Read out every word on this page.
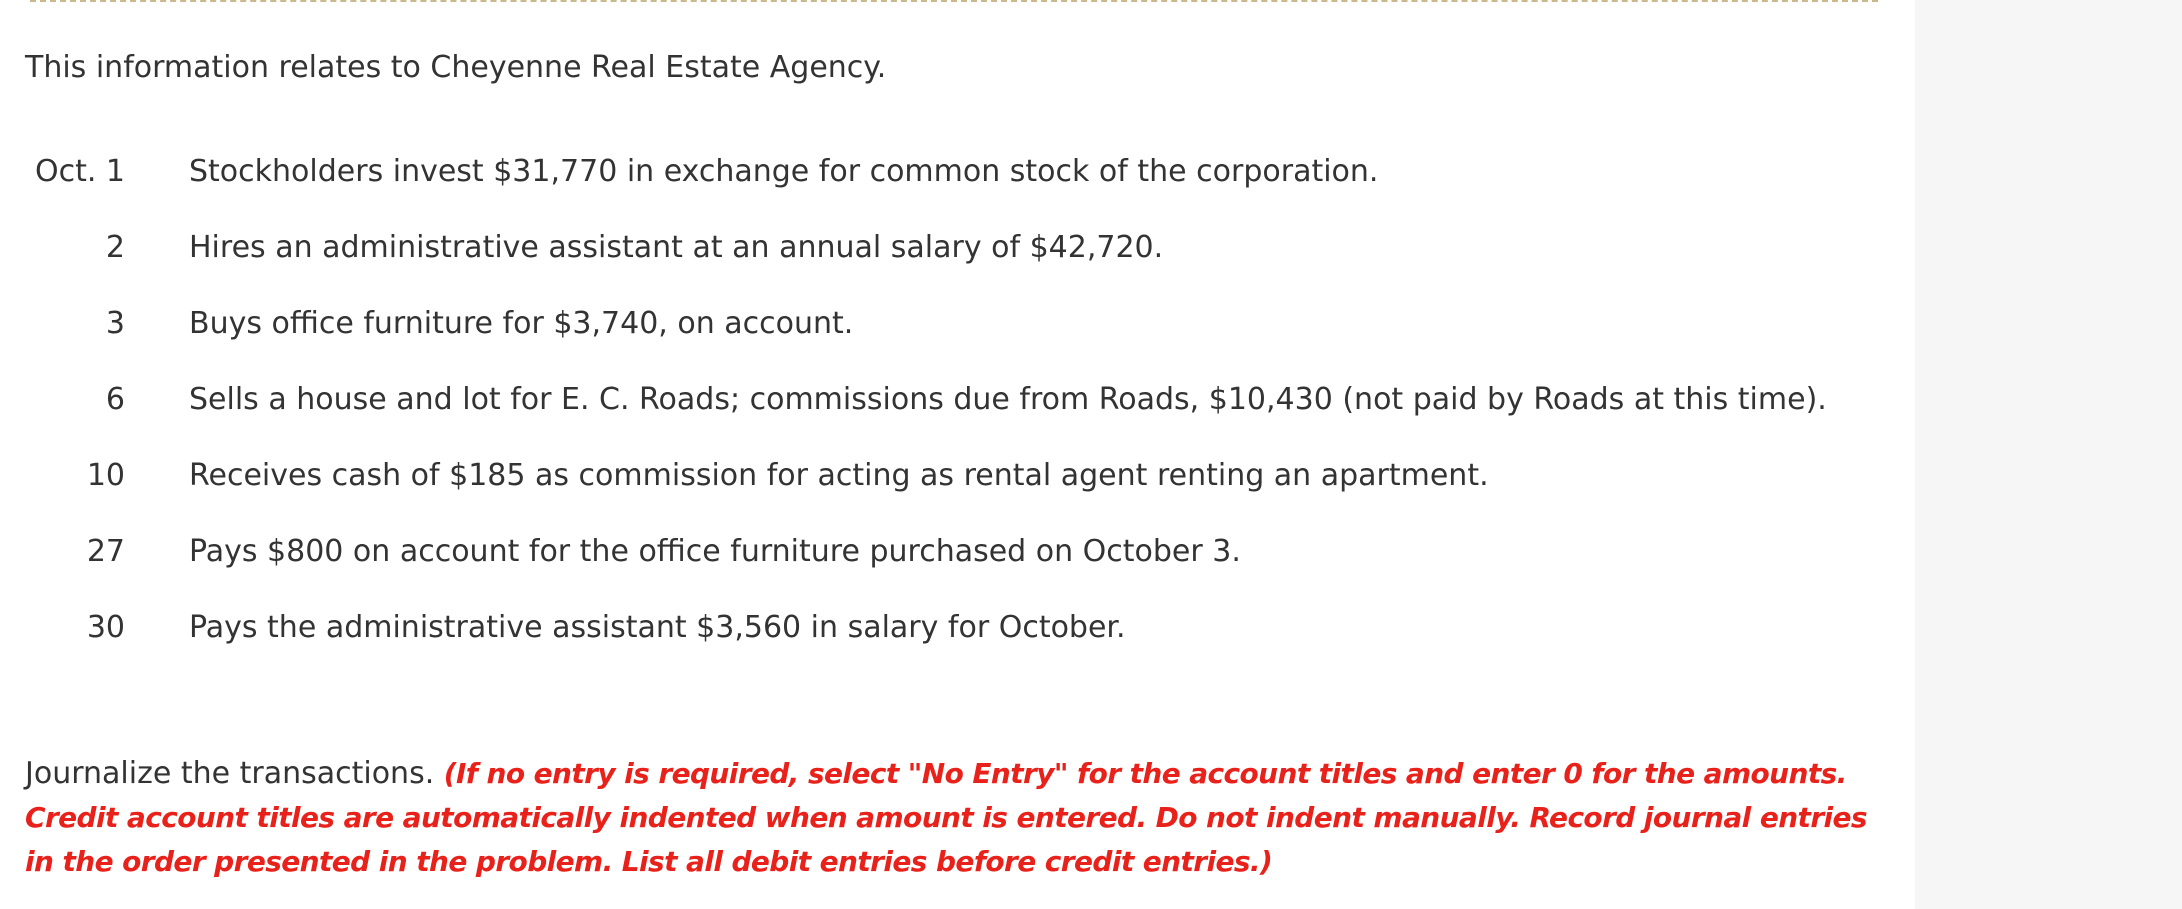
This information relates to Cheyenne Real Estate Agency.
Oct. 1 Stockholders invest $31,770 in exchange for common stock of the corporation.
2 Hires an administrative assistant at an annual salary of $42,720.
3 Buys office furniture for $3,740, on account.
6 Sells a house and lot for E. C. Roads; commissions due from Roads, $10,430 (not paid by Roads at this time).
10 Receives cash of $185 as commission for acting as rental agent renting an apartment.
27 Pays $800 on account for the office furniture purchased on October 3.
30 Pays the administrative assistant $3,560 in salary for October.
Journalize the transactions. (If no entry is required, select "No Entry" for the account titles and enter 0 for the amounts. Credit account titles are automatically indented when amount is entered. Do not indent manually. Record journal entries in the order presented in the problem. List all debit entries before credit entries.)
